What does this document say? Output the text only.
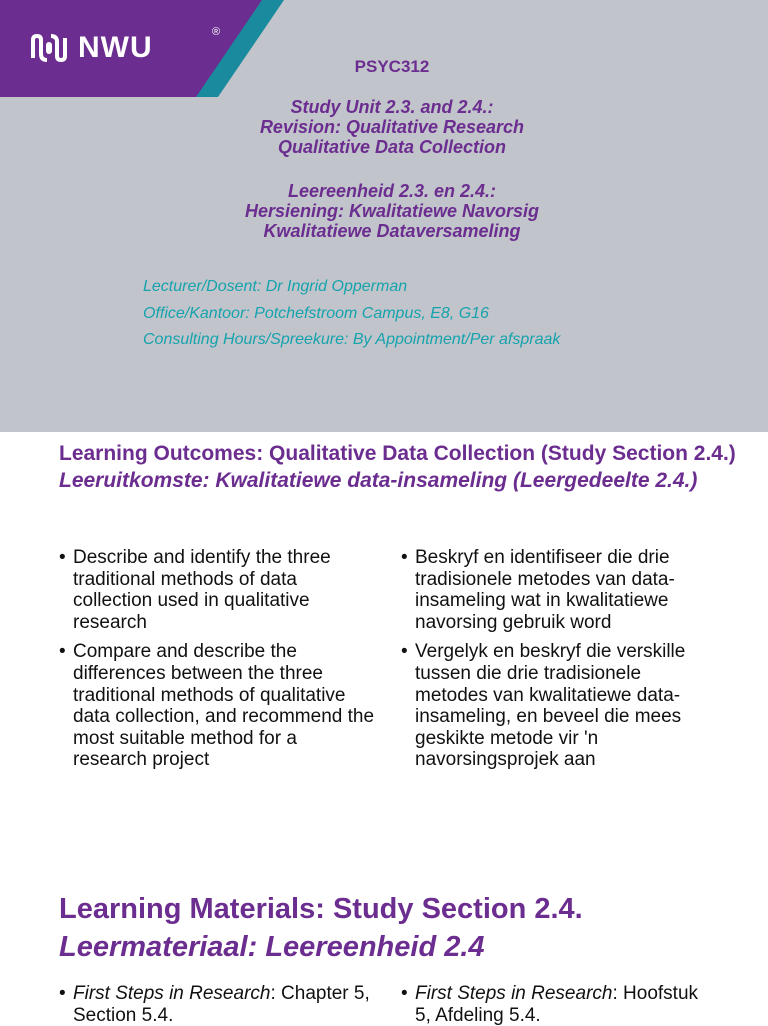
NWU	®

PSYC312

Study Unit 2.3. and 2.4.:
Revision: Qualitative Research
Qualitative Data Collection
Leereenheid 2.3. en 2.4.:
Hersiening: Kwalitatiewe Navorsig
Kwalitatiewe Dataversameling

Lecturer/Dosent: Dr Ingrid Opperman

Office/Kantoor: Potchefstroom Campus, E8, G16

Consulting Hours/Spreekure: By Appointment/Per afspraak

Learning Outcomes: Qualitative Data Collection (Study Section 2.4.)
Leeruitkomste: Kwalitatiewe data-insameling (Leergedeelte 2.4.)

• Describe and identify the three traditional methods of data collection used in qualitative research

• Compare and describe the differences between the three traditional methods of qualitative data collection, and recommend the most suitable method for a research project

• Beskryf en identifiseer die drie tradisionele metodes van data-insameling wat in kwalitatiewe navorsing gebruik word

• Vergelyk en beskryf die verskille tussen die drie tradisionele metodes van kwalitatiewe data-insameling, en beveel die mees geskikte metode vir 'n navorsingsprojek aan

Learning Materials: Study Section 2.4.
Leermateriaal: Leereenheid 2.4

• First Steps in Research: Chapter 5, Section 5.4.

• First Steps in Research: Hoofstuk 5, Afdeling 5.4.
